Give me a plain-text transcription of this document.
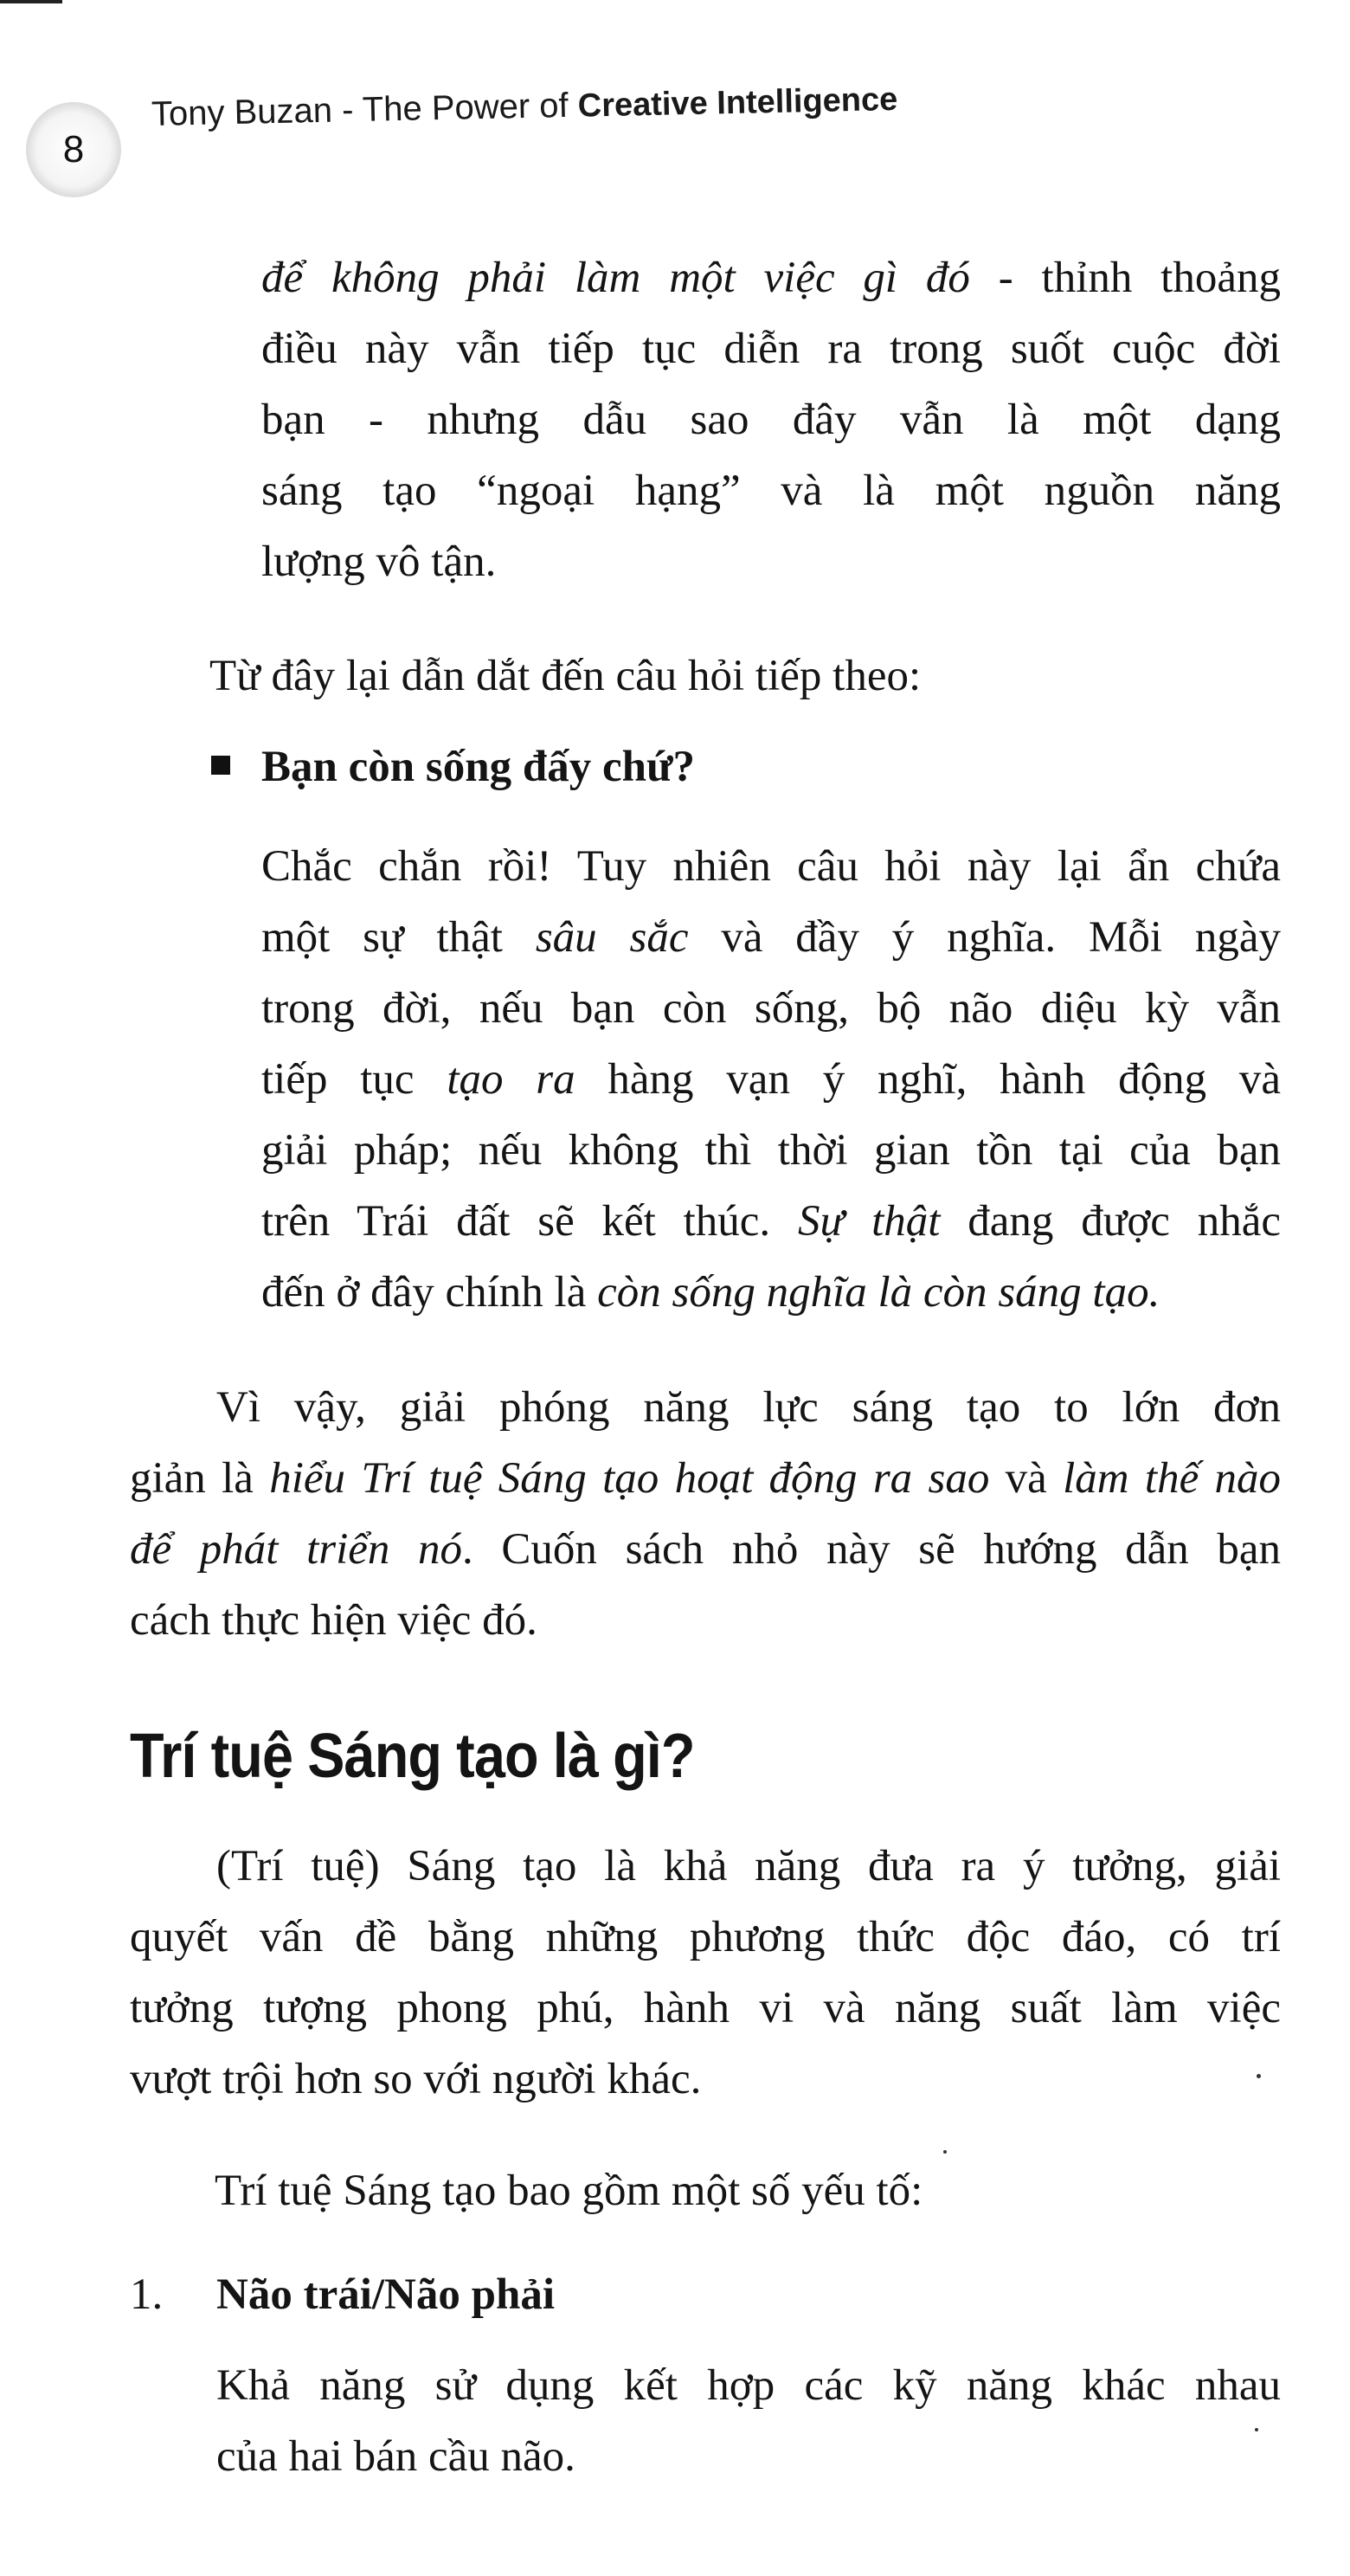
8
Tony Buzan - The Power of Creative Intelligence
để không phải làm một việc gì đó - thỉnh thoảng
điều này vẫn tiếp tục diễn ra trong suốt cuộc đời
bạn - nhưng dẫu sao đây vẫn là một dạng
sáng tạo “ngoại hạng” và là một nguồn năng
lượng vô tận.
Từ đây lại dẫn dắt đến câu hỏi tiếp theo:
Bạn còn sống đấy chứ?
Chắc chắn rồi! Tuy nhiên câu hỏi này lại ẩn chứa
một sự thật sâu sắc và đầy ý nghĩa. Mỗi ngày
trong đời, nếu bạn còn sống, bộ não diệu kỳ vẫn
tiếp tục tạo ra hàng vạn ý nghĩ, hành động và
giải pháp; nếu không thì thời gian tồn tại của bạn
trên Trái đất sẽ kết thúc. Sự thật đang được nhắc
đến ở đây chính là còn sống nghĩa là còn sáng tạo.
Vì vậy, giải phóng năng lực sáng tạo to lớn đơn
giản là hiểu Trí tuệ Sáng tạo hoạt động ra sao và làm thế nào
để phát triển nó. Cuốn sách nhỏ này sẽ hướng dẫn bạn
cách thực hiện việc đó.
Trí tuệ Sáng tạo là gì?
(Trí tuệ) Sáng tạo là khả năng đưa ra ý tưởng, giải
quyết vấn đề bằng những phương thức độc đáo, có trí
tưởng tượng phong phú, hành vi và năng suất làm việc
vượt trội hơn so với người khác.
Trí tuệ Sáng tạo bao gồm một số yếu tố:
1. Não trái/Não phải
Khả năng sử dụng kết hợp các kỹ năng khác nhau
của hai bán cầu não.
